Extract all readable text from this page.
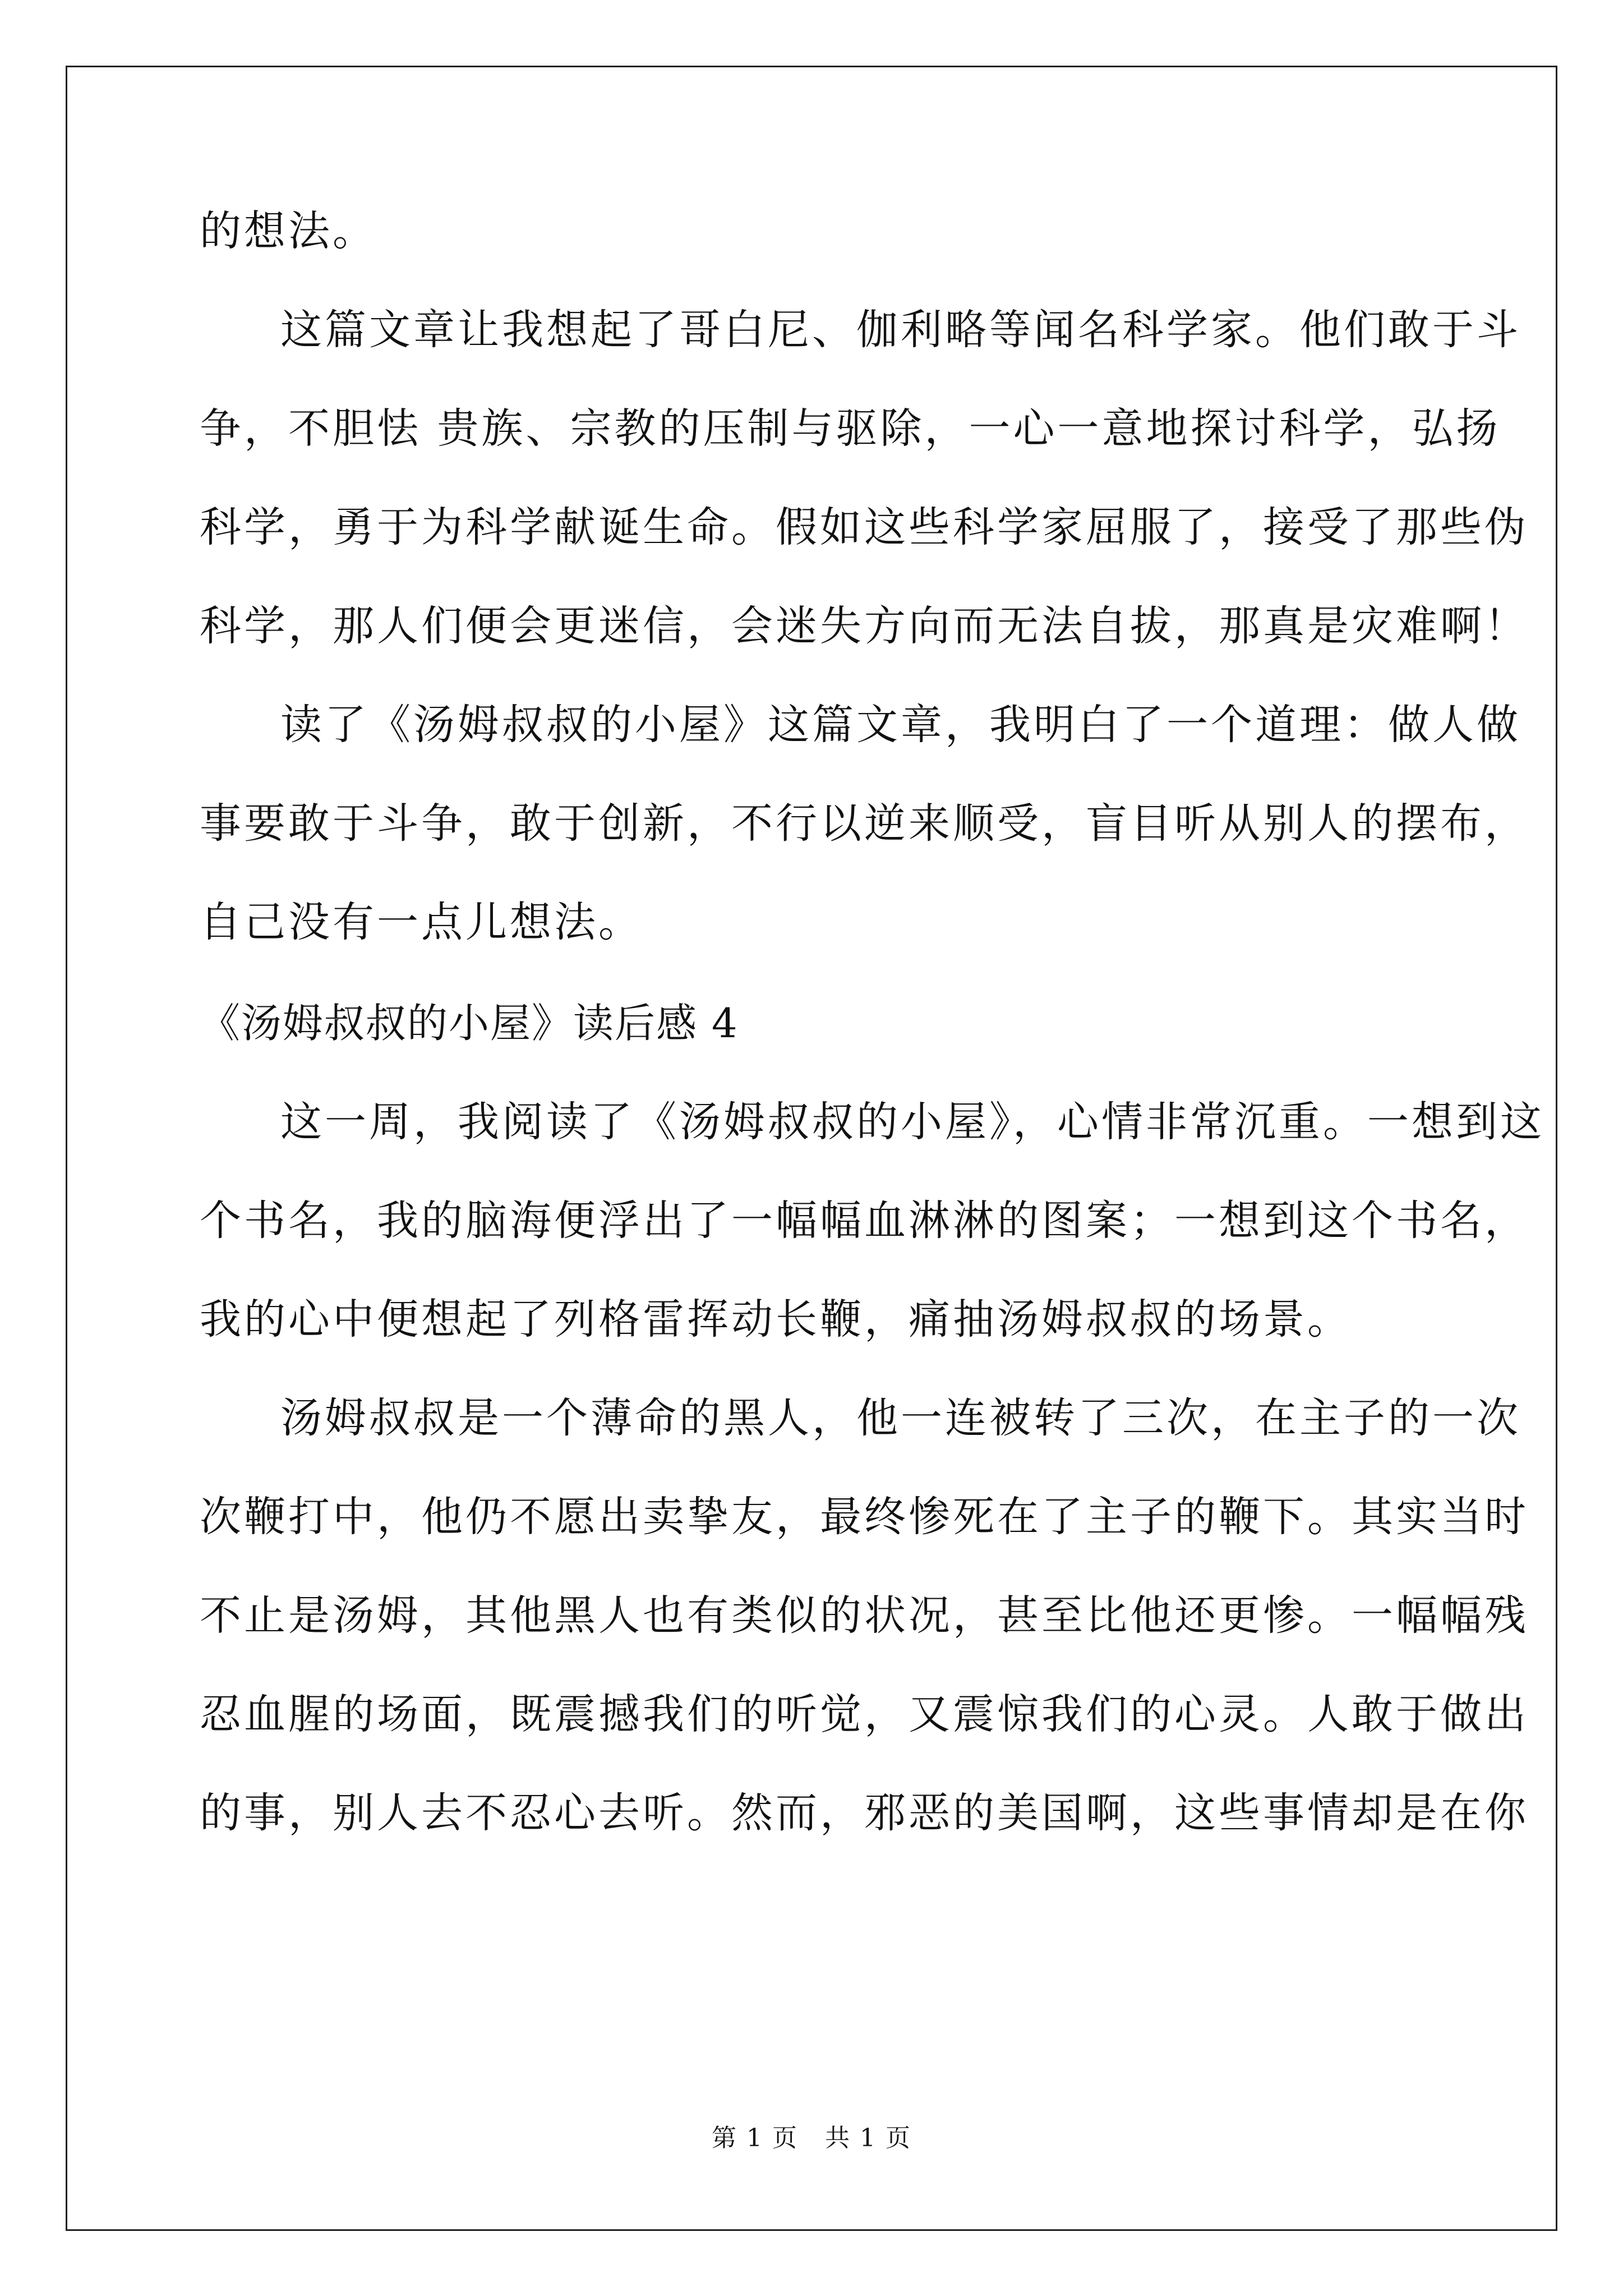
的想法。
这篇文章让我想起了哥白尼、伽利略等闻名科学家。他们敢于斗
争，不胆怯 贵族、宗教的压制与驱除，一心一意地探讨科学，弘扬
科学，勇于为科学献诞生命。假如这些科学家屈服了，接受了那些伪
科学，那人们便会更迷信，会迷失方向而无法自拔，那真是灾难啊！
读了《汤姆叔叔的小屋》这篇文章，我明白了一个道理：做人做
事要敢于斗争，敢于创新，不行以逆来顺受，盲目听从别人的摆布，
自己没有一点儿想法。
《汤姆叔叔的小屋》读后感 4
这一周，我阅读了《汤姆叔叔的小屋》，心情非常沉重。一想到这
个书名，我的脑海便浮出了一幅幅血淋淋的图案；一想到这个书名，
我的心中便想起了列格雷挥动长鞭，痛抽汤姆叔叔的场景。
汤姆叔叔是一个薄命的黑人，他一连被转了三次，在主子的一次
次鞭打中，他仍不愿出卖挚友，最终惨死在了主子的鞭下。其实当时
不止是汤姆，其他黑人也有类似的状况，甚至比他还更惨。一幅幅残
忍血腥的场面，既震撼我们的听觉，又震惊我们的心灵。人敢于做出
的事，别人去不忍心去听。然而，邪恶的美国啊，这些事情却是在你
第 1 页 共 1 页
